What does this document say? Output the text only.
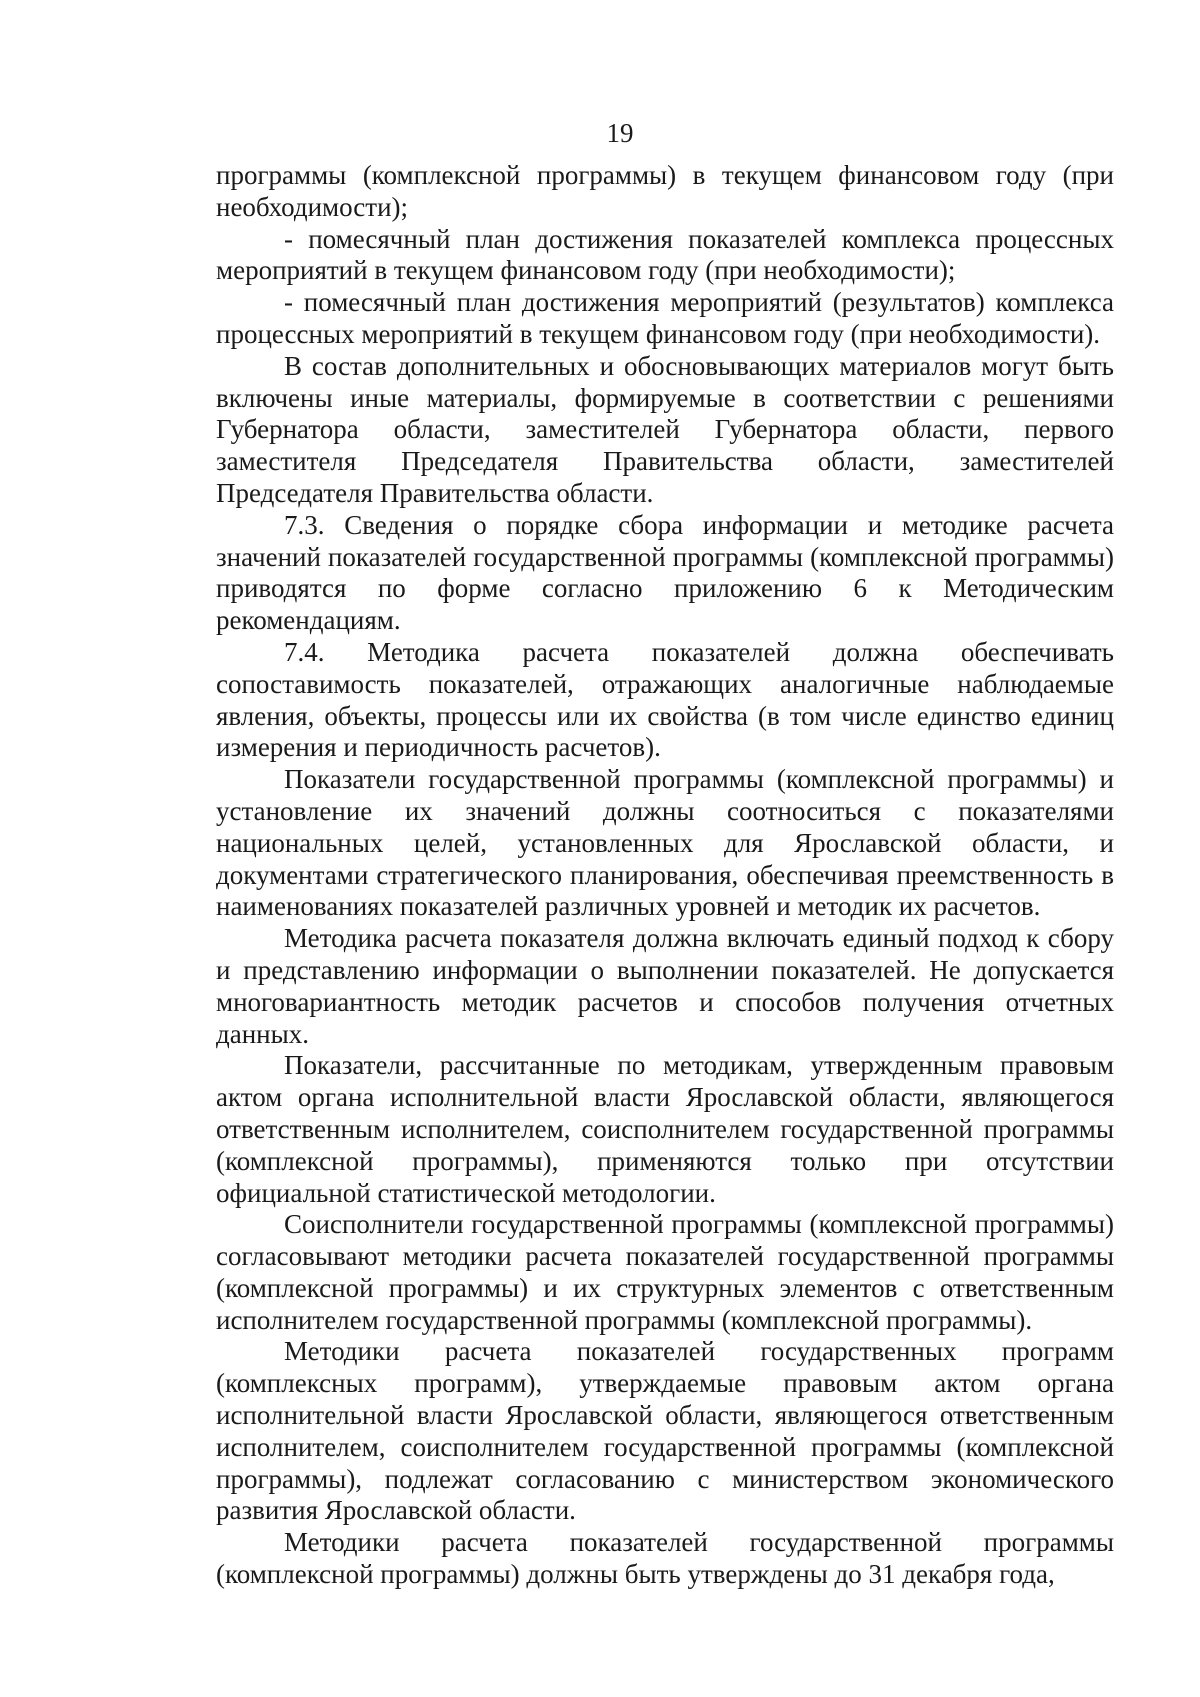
19

программы (комплексной программы) в текущем финансовом году (при необходимости);

- помесячный план достижения показателей комплекса процессных мероприятий в текущем финансовом году (при необходимости);

- помесячный план достижения мероприятий (результатов) комплекса процессных мероприятий в текущем финансовом году (при необходимости).

В состав дополнительных и обосновывающих материалов могут быть включены иные материалы, формируемые в соответствии с решениями Губернатора области, заместителей Губернатора области, первого заместителя Председателя Правительства области, заместителей Председателя Правительства области.

7.3. Сведения о порядке сбора информации и методике расчета значений показателей государственной программы (комплексной программы) приводятся по форме согласно приложению 6 к Методическим рекомендациям.

7.4. Методика расчета показателей должна обеспечивать сопоставимость показателей, отражающих аналогичные наблюдаемые явления, объекты, процессы или их свойства (в том числе единство единиц измерения и периодичность расчетов).

Показатели государственной программы (комплексной программы) и установление их значений должны соотноситься с показателями национальных целей, установленных для Ярославской области, и документами стратегического планирования, обеспечивая преемственность в наименованиях показателей различных уровней и методик их расчетов.

Методика расчета показателя должна включать единый подход к сбору и представлению информации о выполнении показателей. Не допускается многовариантность методик расчетов и способов получения отчетных данных.

Показатели, рассчитанные по методикам, утвержденным правовым актом органа исполнительной власти Ярославской области, являющегося ответственным исполнителем, соисполнителем государственной программы (комплексной программы), применяются только при отсутствии официальной статистической методологии.

Соисполнители государственной программы (комплексной программы) согласовывают методики расчета показателей государственной программы (комплексной программы) и их структурных элементов с ответственным исполнителем государственной программы (комплексной программы).

Методики расчета показателей государственных программ (комплексных программ), утверждаемые правовым актом органа исполнительной власти Ярославской области, являющегося ответственным исполнителем, соисполнителем государственной программы (комплексной программы), подлежат согласованию с министерством экономического развития Ярославской области.

Методики расчета показателей государственной программы (комплексной программы) должны быть утверждены до 31 декабря года,
